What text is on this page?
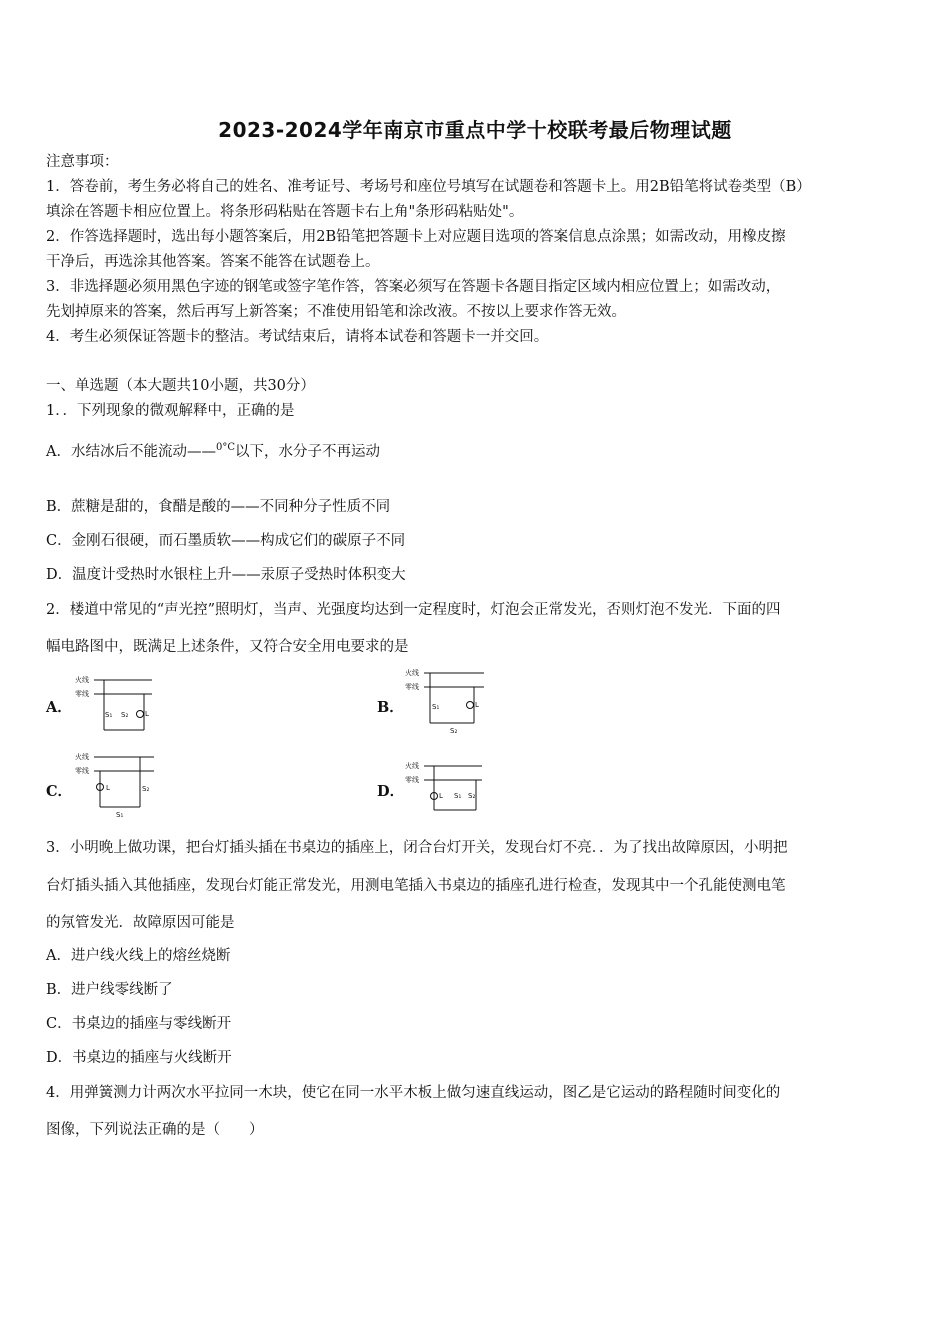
2023-2024学年南京市重点中学十校联考最后物理试题
注意事项：
1．答卷前，考生务必将自己的姓名、准考证号、考场号和座位号填写在试题卷和答题卡上。用2B铅笔将试卷类型（B）
填涂在答题卡相应位置上。将条形码粘贴在答题卡右上角"条形码粘贴处"。
2．作答选择题时，选出每小题答案后，用2B铅笔把答题卡上对应题目选项的答案信息点涂黑；如需改动，用橡皮擦
干净后，再选涂其他答案。答案不能答在试题卷上。
3．非选择题必须用黑色字迹的钢笔或签字笔作答，答案必须写在答题卡各题目指定区域内相应位置上；如需改动，
先划掉原来的答案，然后再写上新答案；不准使用铅笔和涂改液。不按以上要求作答无效。
4．考生必须保证答题卡的整洁。考试结束后，请将本试卷和答题卡一并交回。
一、单选题（本大题共10小题，共30分）
1．．下列现象的微观解释中，正确的是
A．水结冰后不能流动——$^{0^\circ C}$以下，水分子不再运动
B．蔗糖是甜的，食醋是酸的——不同种分子性质不同
C．金刚石很硬，而石墨质软——构成它们的碳原子不同
D．温度计受热时水银柱上升——汞原子受热时体积变大
2．楼道中常见的“声光控”照明灯，当声、光强度均达到一定程度时，灯泡会正常发光，否则灯泡不发光．下面的四
幅电路图中，既满足上述条件，又符合安全用电要求的是
A．
火线
零线
S₁ S₂ L	B．
火线
零线
S₁
S₂
L
C．
火线
零线
L	S₂
S₁
D．
火线
零线
L S₁ S₂
3．小明晚上做功课，把台灯插头插在书桌边的插座上，闭合台灯开关，发现台灯不亮．．为了找出故障原因，小明把
台灯插头插入其他插座，发现台灯能正常发光，用测电笔插入书桌边的插座孔进行检查，发现其中一个孔能使测电笔
的氖管发光．故障原因可能是
A．进户线火线上的熔丝烧断
B．进户线零线断了
C．书桌边的插座与零线断开
D．书桌边的插座与火线断开
4．用弹簧测力计两次水平拉同一木块，使它在同一水平木板上做匀速直线运动，图乙是它运动的路程随时间变化的
图像，下列说法正确的是（　　）
